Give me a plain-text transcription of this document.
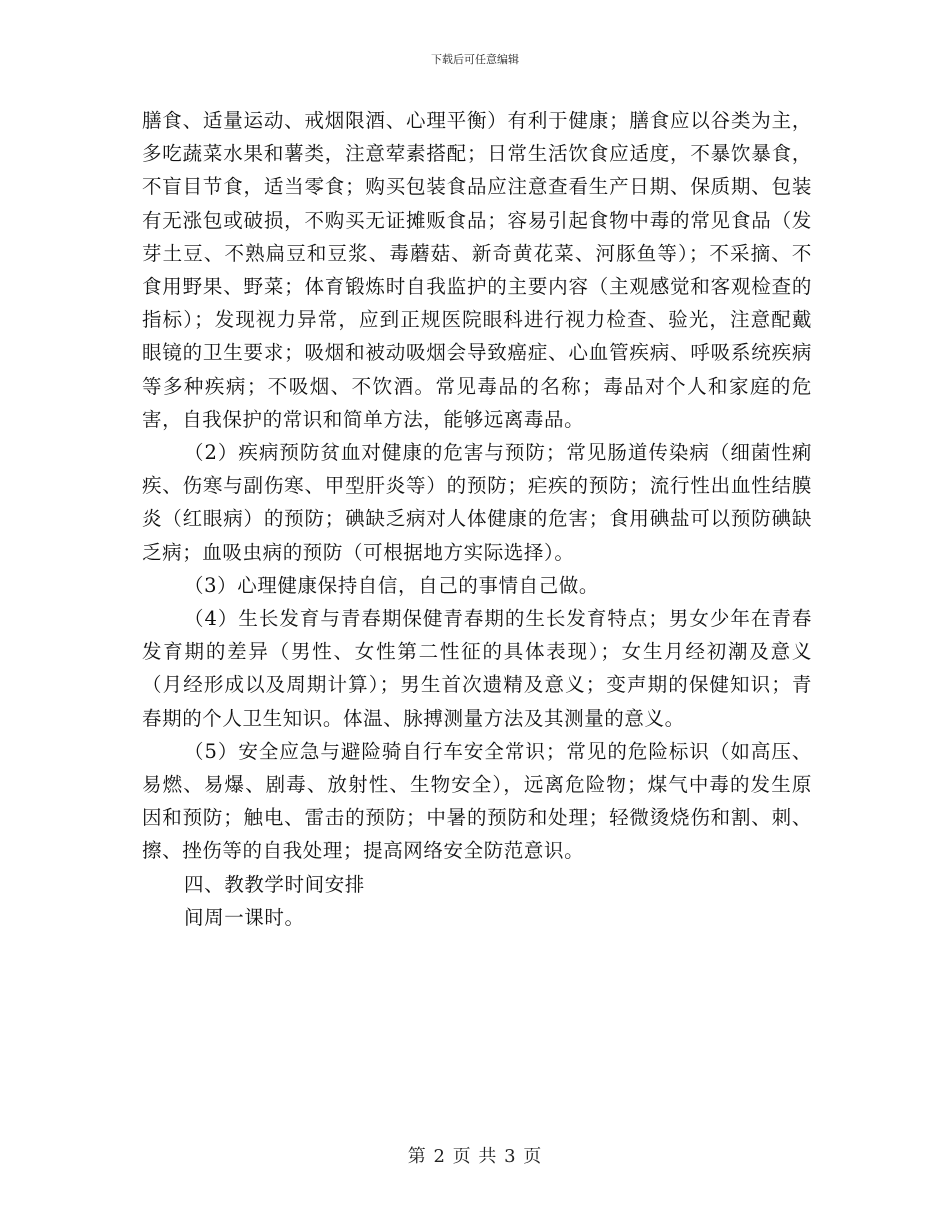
下载后可任意编辑

膳食、适量运动、戒烟限酒、心理平衡）有利于健康；膳食应以谷类为主，多吃蔬菜水果和薯类，注意荤素搭配；日常生活饮食应适度，不暴饮暴食，不盲目节食，适当零食；购买包装食品应注意查看生产日期、保质期、包装有无涨包或破损，不购买无证摊贩食品；容易引起食物中毒的常见食品（发芽土豆、不熟扁豆和豆浆、毒蘑菇、新奇黄花菜、河豚鱼等）；不采摘、不食用野果、野菜；体育锻炼时自我监护的主要内容（主观感觉和客观检查的指标）；发现视力异常，应到正规医院眼科进行视力检查、验光，注意配戴眼镜的卫生要求；吸烟和被动吸烟会导致癌症、心血管疾病、呼吸系统疾病等多种疾病；不吸烟、不饮酒。常见毒品的名称；毒品对个人和家庭的危害，自我保护的常识和简单方法，能够远离毒品。

（2）疾病预防贫血对健康的危害与预防；常见肠道传染病（细菌性痢疾、伤寒与副伤寒、甲型肝炎等）的预防；疟疾的预防；流行性出血性结膜炎（红眼病）的预防；碘缺乏病对人体健康的危害；食用碘盐可以预防碘缺乏病；血吸虫病的预防（可根据地方实际选择）。

（3）心理健康保持自信，自己的事情自己做。

（4）生长发育与青春期保健青春期的生长发育特点；男女少年在青春发育期的差异（男性、女性第二性征的具体表现）；女生月经初潮及意义（月经形成以及周期计算）；男生首次遗精及意义；变声期的保健知识；青春期的个人卫生知识。体温、脉搏测量方法及其测量的意义。

（5）安全应急与避险骑自行车安全常识；常见的危险标识（如高压、易燃、易爆、剧毒、放射性、生物安全），远离危险物；煤气中毒的发生原因和预防；触电、雷击的预防；中暑的预防和处理；轻微烫烧伤和割、刺、擦、挫伤等的自我处理；提高网络安全防范意识。

四、教教学时间安排

间周一课时。

第 2 页 共 3 页
